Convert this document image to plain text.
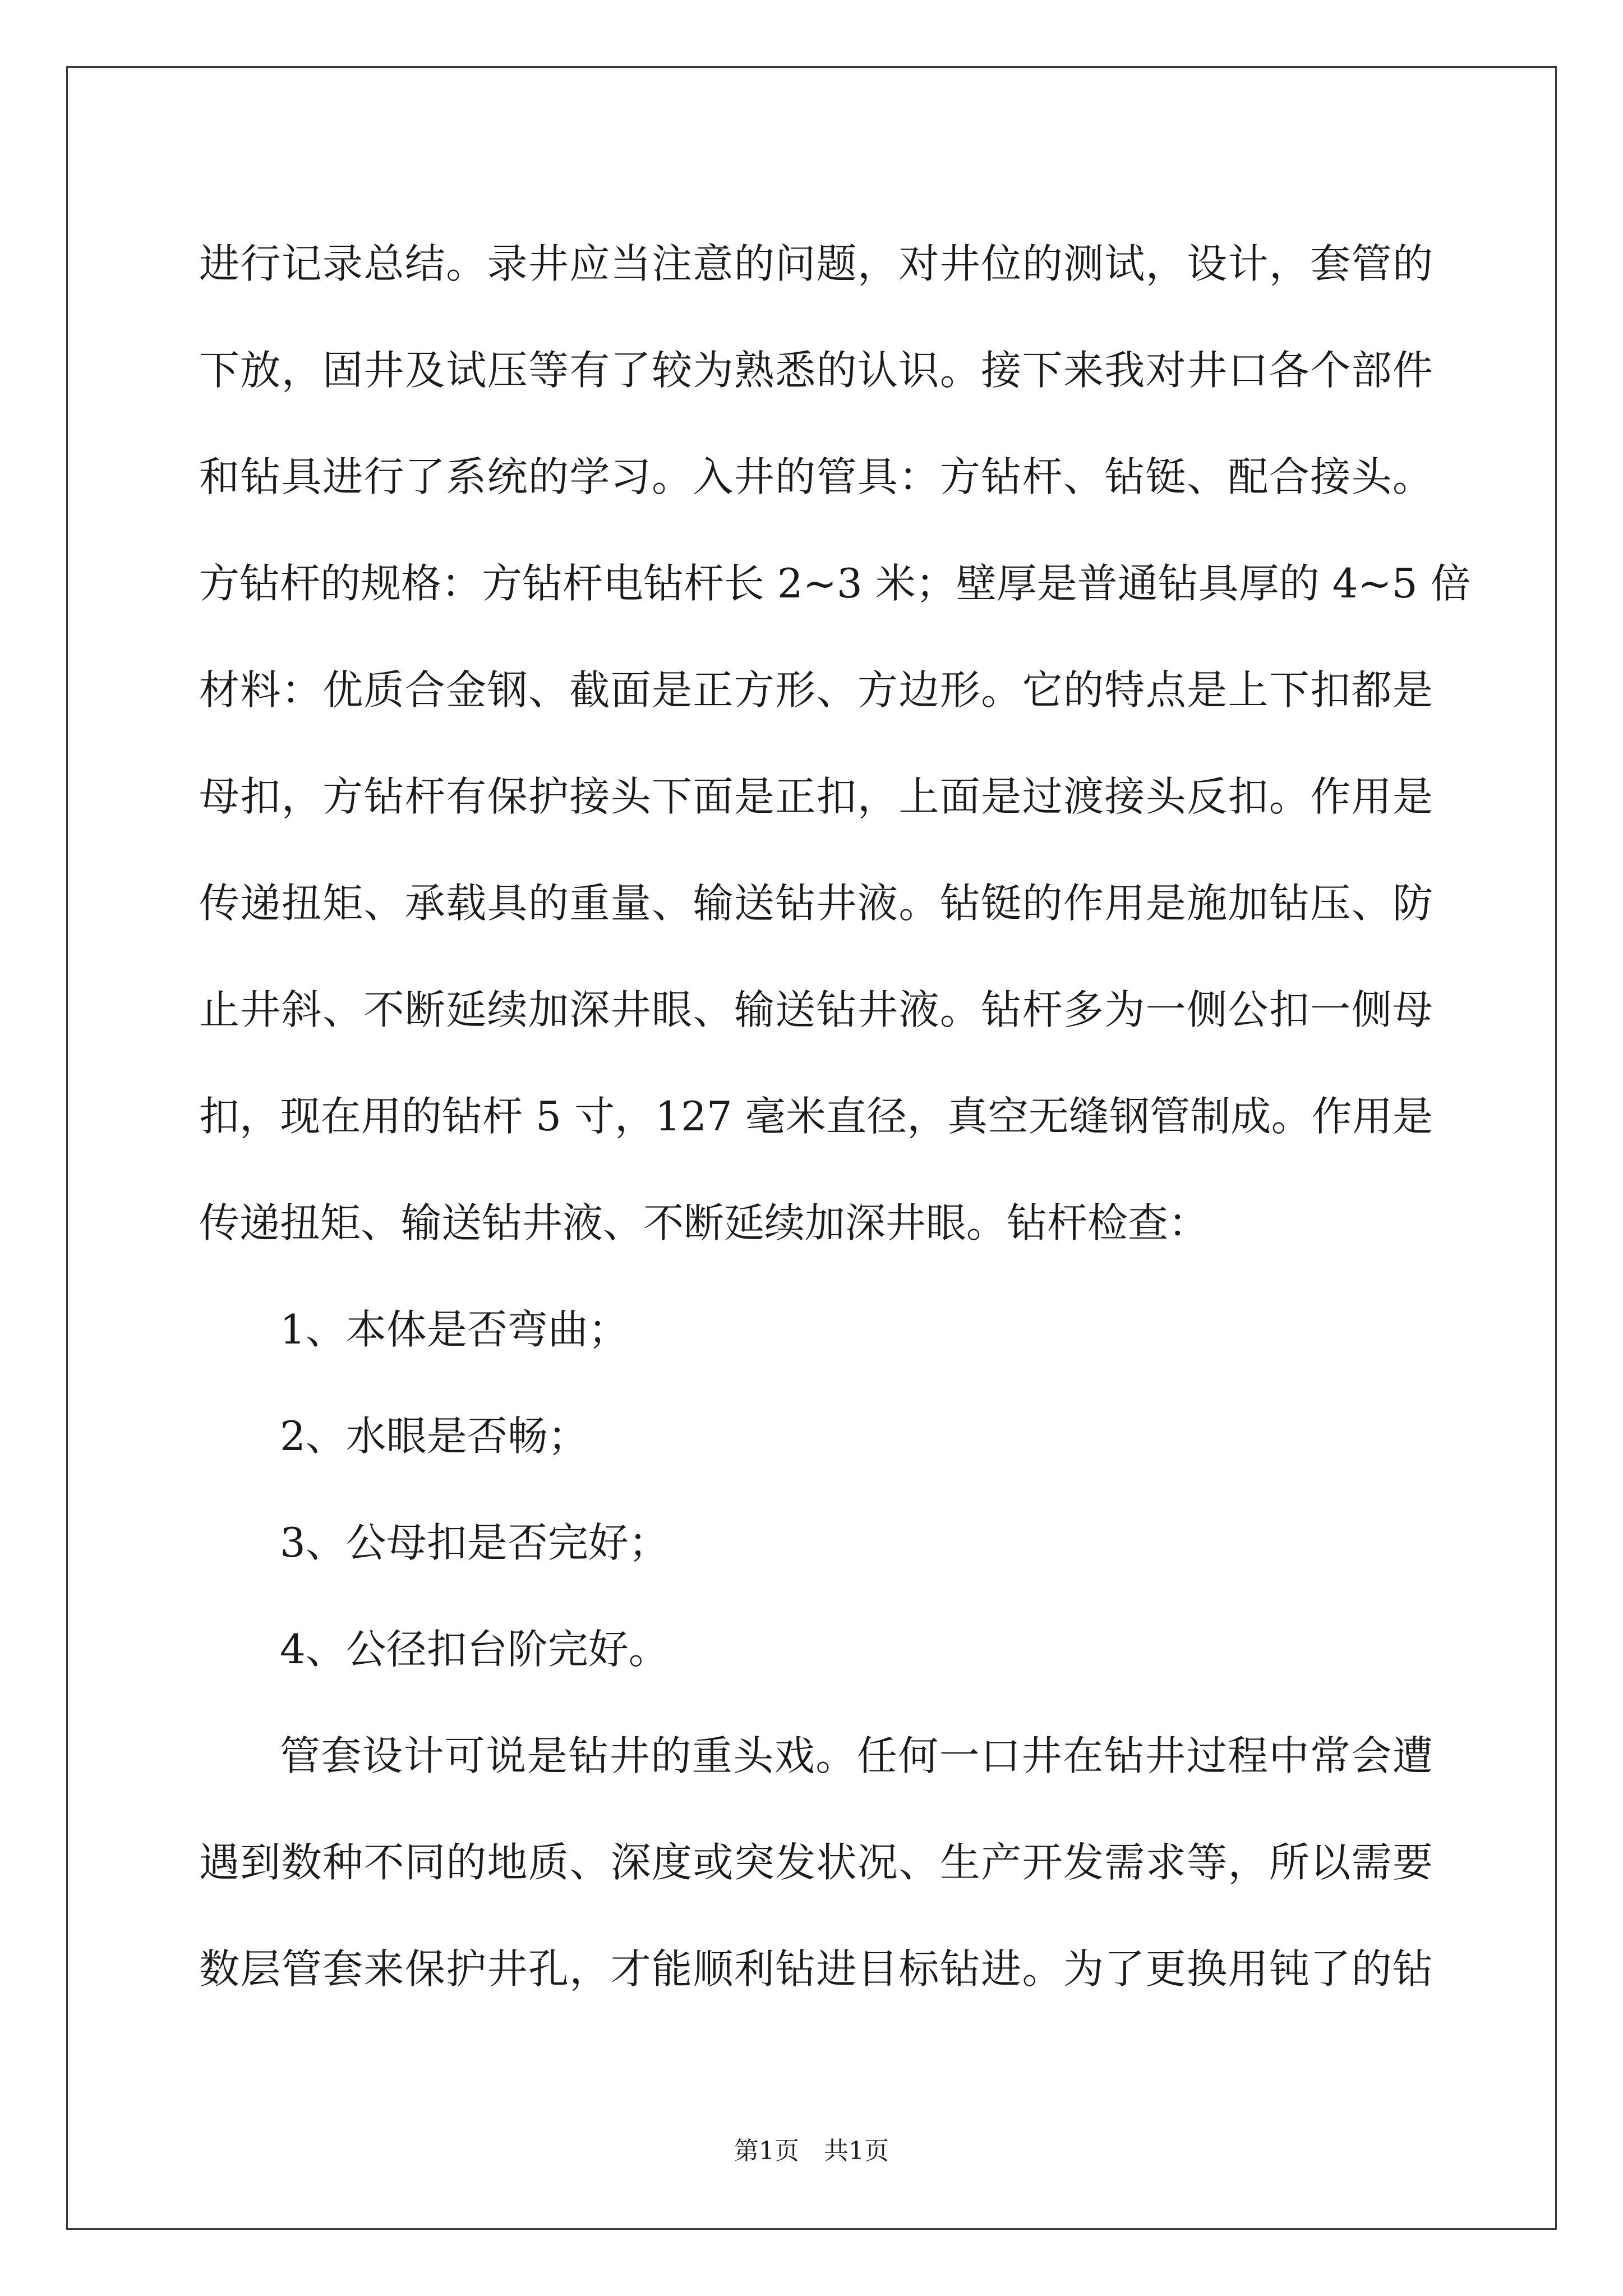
进行记录总结。录井应当注意的问题，对井位的测试，设计，套管的
下放，固井及试压等有了较为熟悉的认识。接下来我对井口各个部件
和钻具进行了系统的学习。入井的管具：方钻杆、钻铤、配合接头。
方钻杆的规格：方钻杆电钻杆长 2~3 米；壁厚是普通钻具厚的 4~5 倍
材料：优质合金钢、截面是正方形、方边形。它的特点是上下扣都是
母扣，方钻杆有保护接头下面是正扣，上面是过渡接头反扣。作用是
传递扭矩、承载具的重量、输送钻井液。钻铤的作用是施加钻压、防
止井斜、不断延续加深井眼、输送钻井液。钻杆多为一侧公扣一侧母
扣，现在用的钻杆 5 寸，127 毫米直径，真空无缝钢管制成。作用是
传递扭矩、输送钻井液、不断延续加深井眼。钻杆检查：
1、本体是否弯曲；
2、水眼是否畅；
3、公母扣是否完好；
4、公径扣台阶完好。
管套设计可说是钻井的重头戏。任何一口井在钻井过程中常会遭
遇到数种不同的地质、深度或突发状况、生产开发需求等，所以需要
数层管套来保护井孔，才能顺利钻进目标钻进。为了更换用钝了的钻
第1页　共1页
